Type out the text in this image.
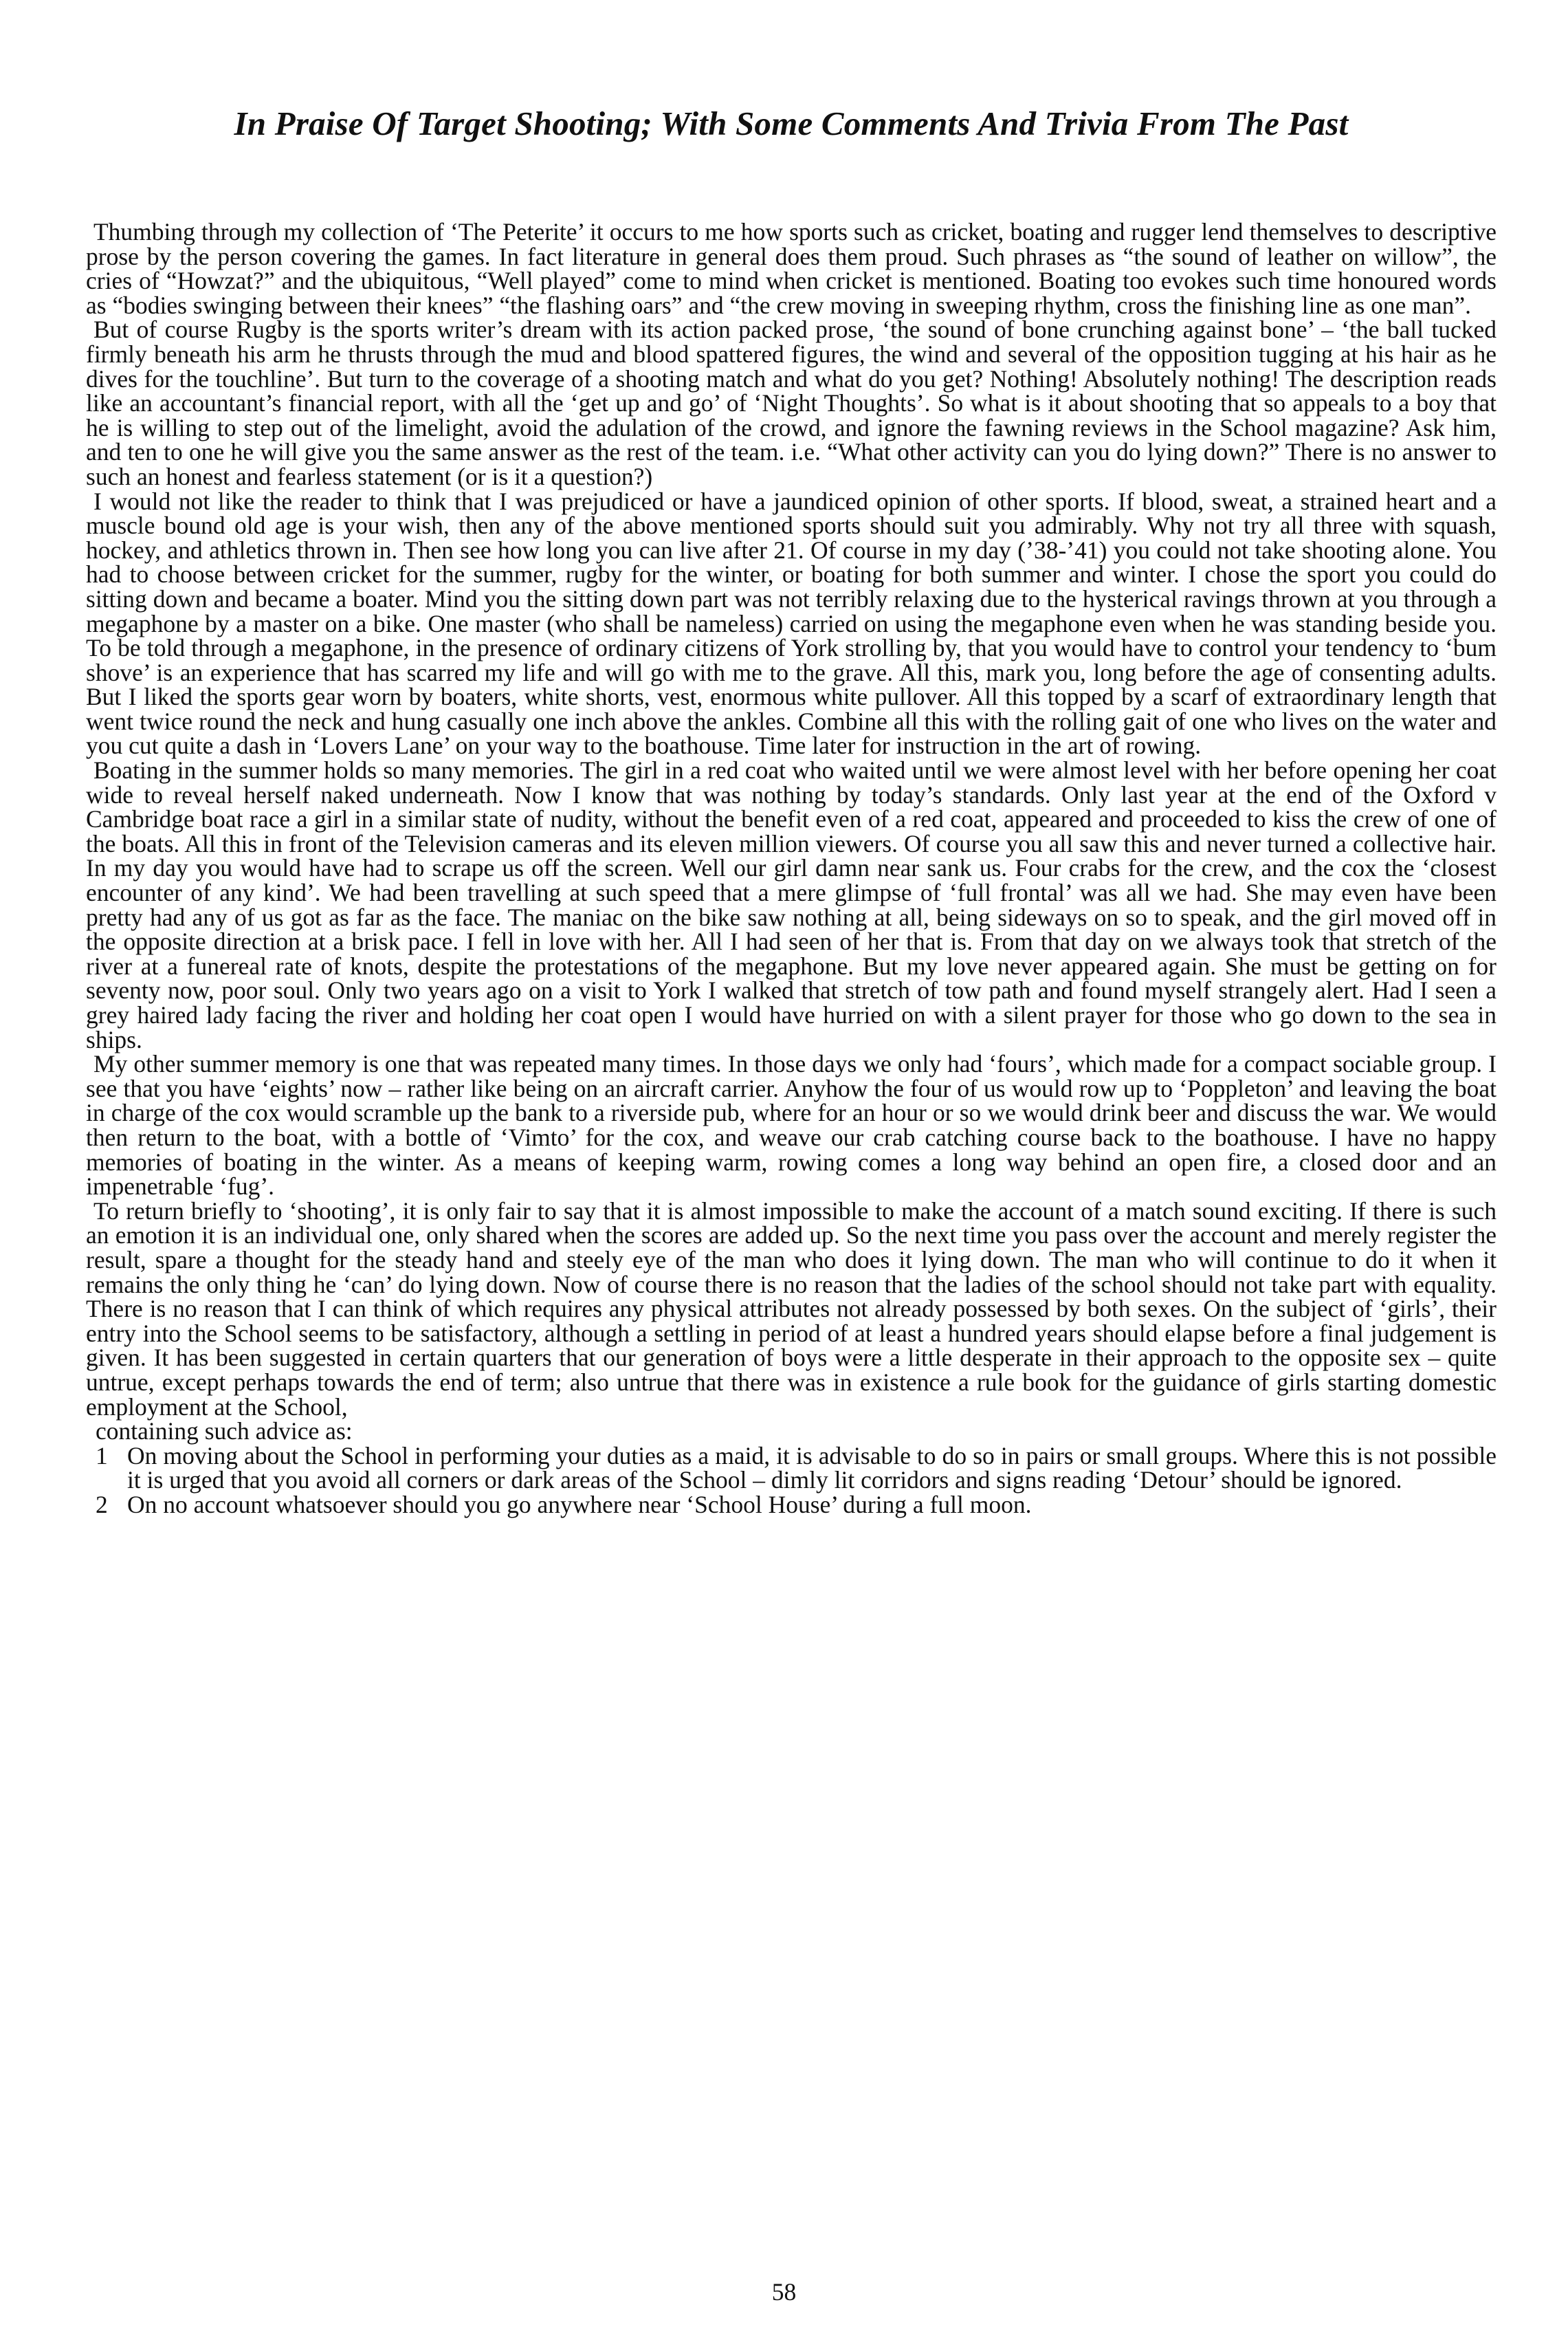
In Praise Of Target Shooting; With Some Comments And Trivia From The Past

Thumbing through my collection of ‘The Peterite’ it occurs to me how sports such as cricket, boating and rugger lend themselves to descriptive prose by the person covering the games. In fact literature in general does them proud. Such phrases as “the sound of leather on willow”, the cries of “Howzat?” and the ubiquitous, “Well played” come to mind when cricket is mentioned. Boating too evokes such time honoured words as “bodies swinging between their knees” “the flashing oars” and “the crew moving in sweeping rhythm, cross the finishing line as one man”.

But of course Rugby is the sports writer’s dream with its action packed prose, ‘the sound of bone crunching against bone’ – ‘the ball tucked firmly beneath his arm he thrusts through the mud and blood spattered figures, the wind and several of the opposition tugging at his hair as he dives for the touchline’. But turn to the coverage of a shooting match and what do you get? Nothing! Absolutely nothing! The description reads like an accountant’s financial report, with all the ‘get up and go’ of ‘Night Thoughts’. So what is it about shooting that so appeals to a boy that he is willing to step out of the limelight, avoid the adulation of the crowd, and ignore the fawning reviews in the School magazine? Ask him, and ten to one he will give you the same answer as the rest of the team. i.e. “What other activity can you do lying down?” There is no answer to such an honest and fearless statement (or is it a question?)

I would not like the reader to think that I was prejudiced or have a jaundiced opinion of other sports. If blood, sweat, a strained heart and a muscle bound old age is your wish, then any of the above mentioned sports should suit you admirably. Why not try all three with squash, hockey, and athletics thrown in. Then see how long you can live after 21. Of course in my day (’38-’41) you could not take shooting alone. You had to choose between cricket for the summer, rugby for the winter, or boating for both summer and winter. I chose the sport you could do sitting down and became a boater. Mind you the sitting down part was not terribly relaxing due to the hysterical ravings thrown at you through a megaphone by a master on a bike. One master (who shall be nameless) carried on using the megaphone even when he was standing beside you. To be told through a megaphone, in the presence of ordinary citizens of York strolling by, that you would have to control your tendency to ‘bum shove’ is an experience that has scarred my life and will go with me to the grave. All this, mark you, long before the age of consenting adults. But I liked the sports gear worn by boaters, white shorts, vest, enormous white pullover. All this topped by a scarf of extraordinary length that went twice round the neck and hung casually one inch above the ankles. Combine all this with the rolling gait of one who lives on the water and you cut quite a dash in ‘Lovers Lane’ on your way to the boathouse. Time later for instruction in the art of rowing.

Boating in the summer holds so many memories. The girl in a red coat who waited until we were almost level with her before opening her coat wide to reveal herself naked underneath. Now I know that was nothing by today’s standards. Only last year at the end of the Oxford v Cambridge boat race a girl in a similar state of nudity, without the benefit even of a red coat, appeared and proceeded to kiss the crew of one of the boats. All this in front of the Television cameras and its eleven million viewers. Of course you all saw this and never turned a collective hair. In my day you would have had to scrape us off the screen. Well our girl damn near sank us. Four crabs for the crew, and the cox the ‘closest encounter of any kind’. We had been travelling at such speed that a mere glimpse of ‘full frontal’ was all we had. She may even have been pretty had any of us got as far as the face. The maniac on the bike saw nothing at all, being sideways on so to speak, and the girl moved off in the opposite direction at a brisk pace. I fell in love with her. All I had seen of her that is. From that day on we always took that stretch of the river at a funereal rate of knots, despite the protestations of the megaphone. But my love never appeared again. She must be getting on for seventy now, poor soul. Only two years ago on a visit to York I walked that stretch of tow path and found myself strangely alert. Had I seen a grey haired lady facing the river and holding her coat open I would have hurried on with a silent prayer for those who go down to the sea in ships.

My other summer memory is one that was repeated many times. In those days we only had ‘fours’, which made for a compact sociable group. I see that you have ‘eights’ now – rather like being on an aircraft carrier. Anyhow the four of us would row up to ‘Poppleton’ and leaving the boat in charge of the cox would scramble up the bank to a riverside pub, where for an hour or so we would drink beer and discuss the war. We would then return to the boat, with a bottle of ‘Vimto’ for the cox, and weave our crab catching course back to the boathouse. I have no happy memories of boating in the winter. As a means of keeping warm, rowing comes a long way behind an open fire, a closed door and an impenetrable ‘fug’.

To return briefly to ‘shooting’, it is only fair to say that it is almost impossible to make the account of a match sound exciting. If there is such an emotion it is an individual one, only shared when the scores are added up. So the next time you pass over the account and merely register the result, spare a thought for the steady hand and steely eye of the man who does it lying down. The man who will continue to do it when it remains the only thing he ‘can’ do lying down. Now of course there is no reason that the ladies of the school should not take part with equality. There is no reason that I can think of which requires any physical attributes not already possessed by both sexes. On the subject of ‘girls’, their entry into the School seems to be satisfactory, although a settling in period of at least a hundred years should elapse before a final judgement is given. It has been suggested in certain quarters that our generation of boys were a little desperate in their approach to the opposite sex – quite untrue, except perhaps towards the end of term; also untrue that there was in existence a rule book for the guidance of girls starting domestic employment at the School,

containing such advice as:

1 On moving about the School in performing your duties as a maid, it is advisable to do so in pairs or small groups. Where this is not possible it is urged that you avoid all corners or dark areas of the School – dimly lit corridors and signs reading ‘Detour’ should be ignored.
2 On no account whatsoever should you go anywhere near ‘School House’ during a full moon.
58
